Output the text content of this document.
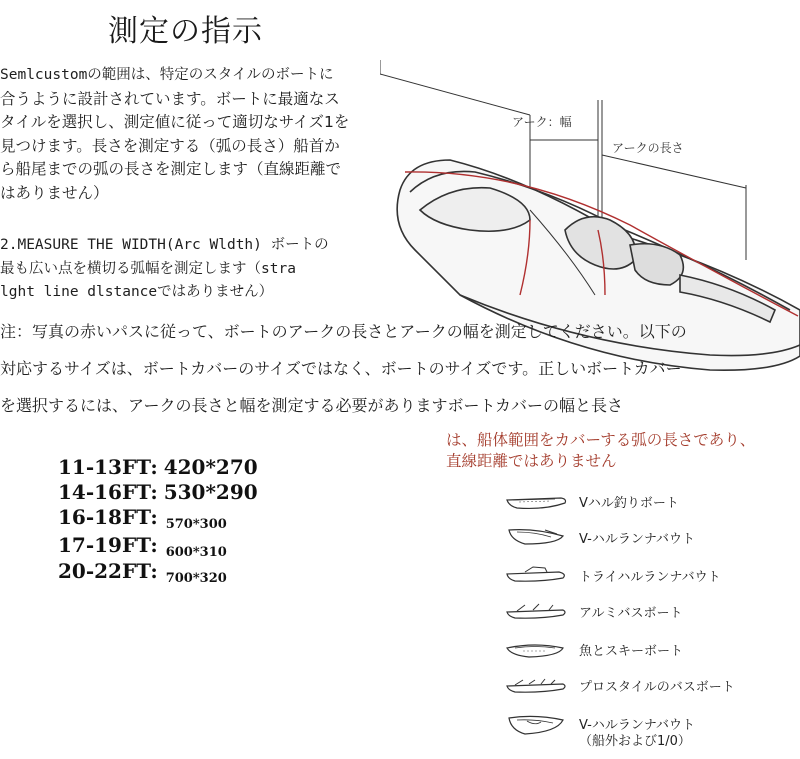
測定の指示
Semlcustomの範囲は、特定のスタイルのボートに
合うように設計されています。ボートに最適なス
タイルを選択し、測定値に従って適切なサイズ1を
見つけます。長さを測定する（弧の長さ）船首か
ら船尾までの弧の長さを測定します（直線距離で
はありません）
2.MEASURE THE WIDTH(Arc Wldth) ボートの
最も広い点を横切る弧幅を測定します（stra
lght line dlstanceではありません）
アーク：幅
アークの長さ
注：写真の赤いパスに従って、ボートのアークの長さとアークの幅を測定してください。以下の
対応するサイズは、ボートカバーのサイズではなく、ボートのサイズです。正しいボートカバー
を選択するには、アークの長さと幅を測定する必要がありますボートカバーの幅と長さ
は、船体範囲をカバーする弧の長さであり、
直線距離ではありません
11-13FT: 420*270
14-16FT: 530*290
16-18FT: $_{570*300}$
17-19FT: $_{600*310}$
20-22FT: $_{700*320}$
Vハル釣りボート
V-ハルランナバウト
トライハルランナバウト
アルミバスボート
魚とスキーボート
プロスタイルのバスボート
V-ハルランナバウト
（船外および1/0）
